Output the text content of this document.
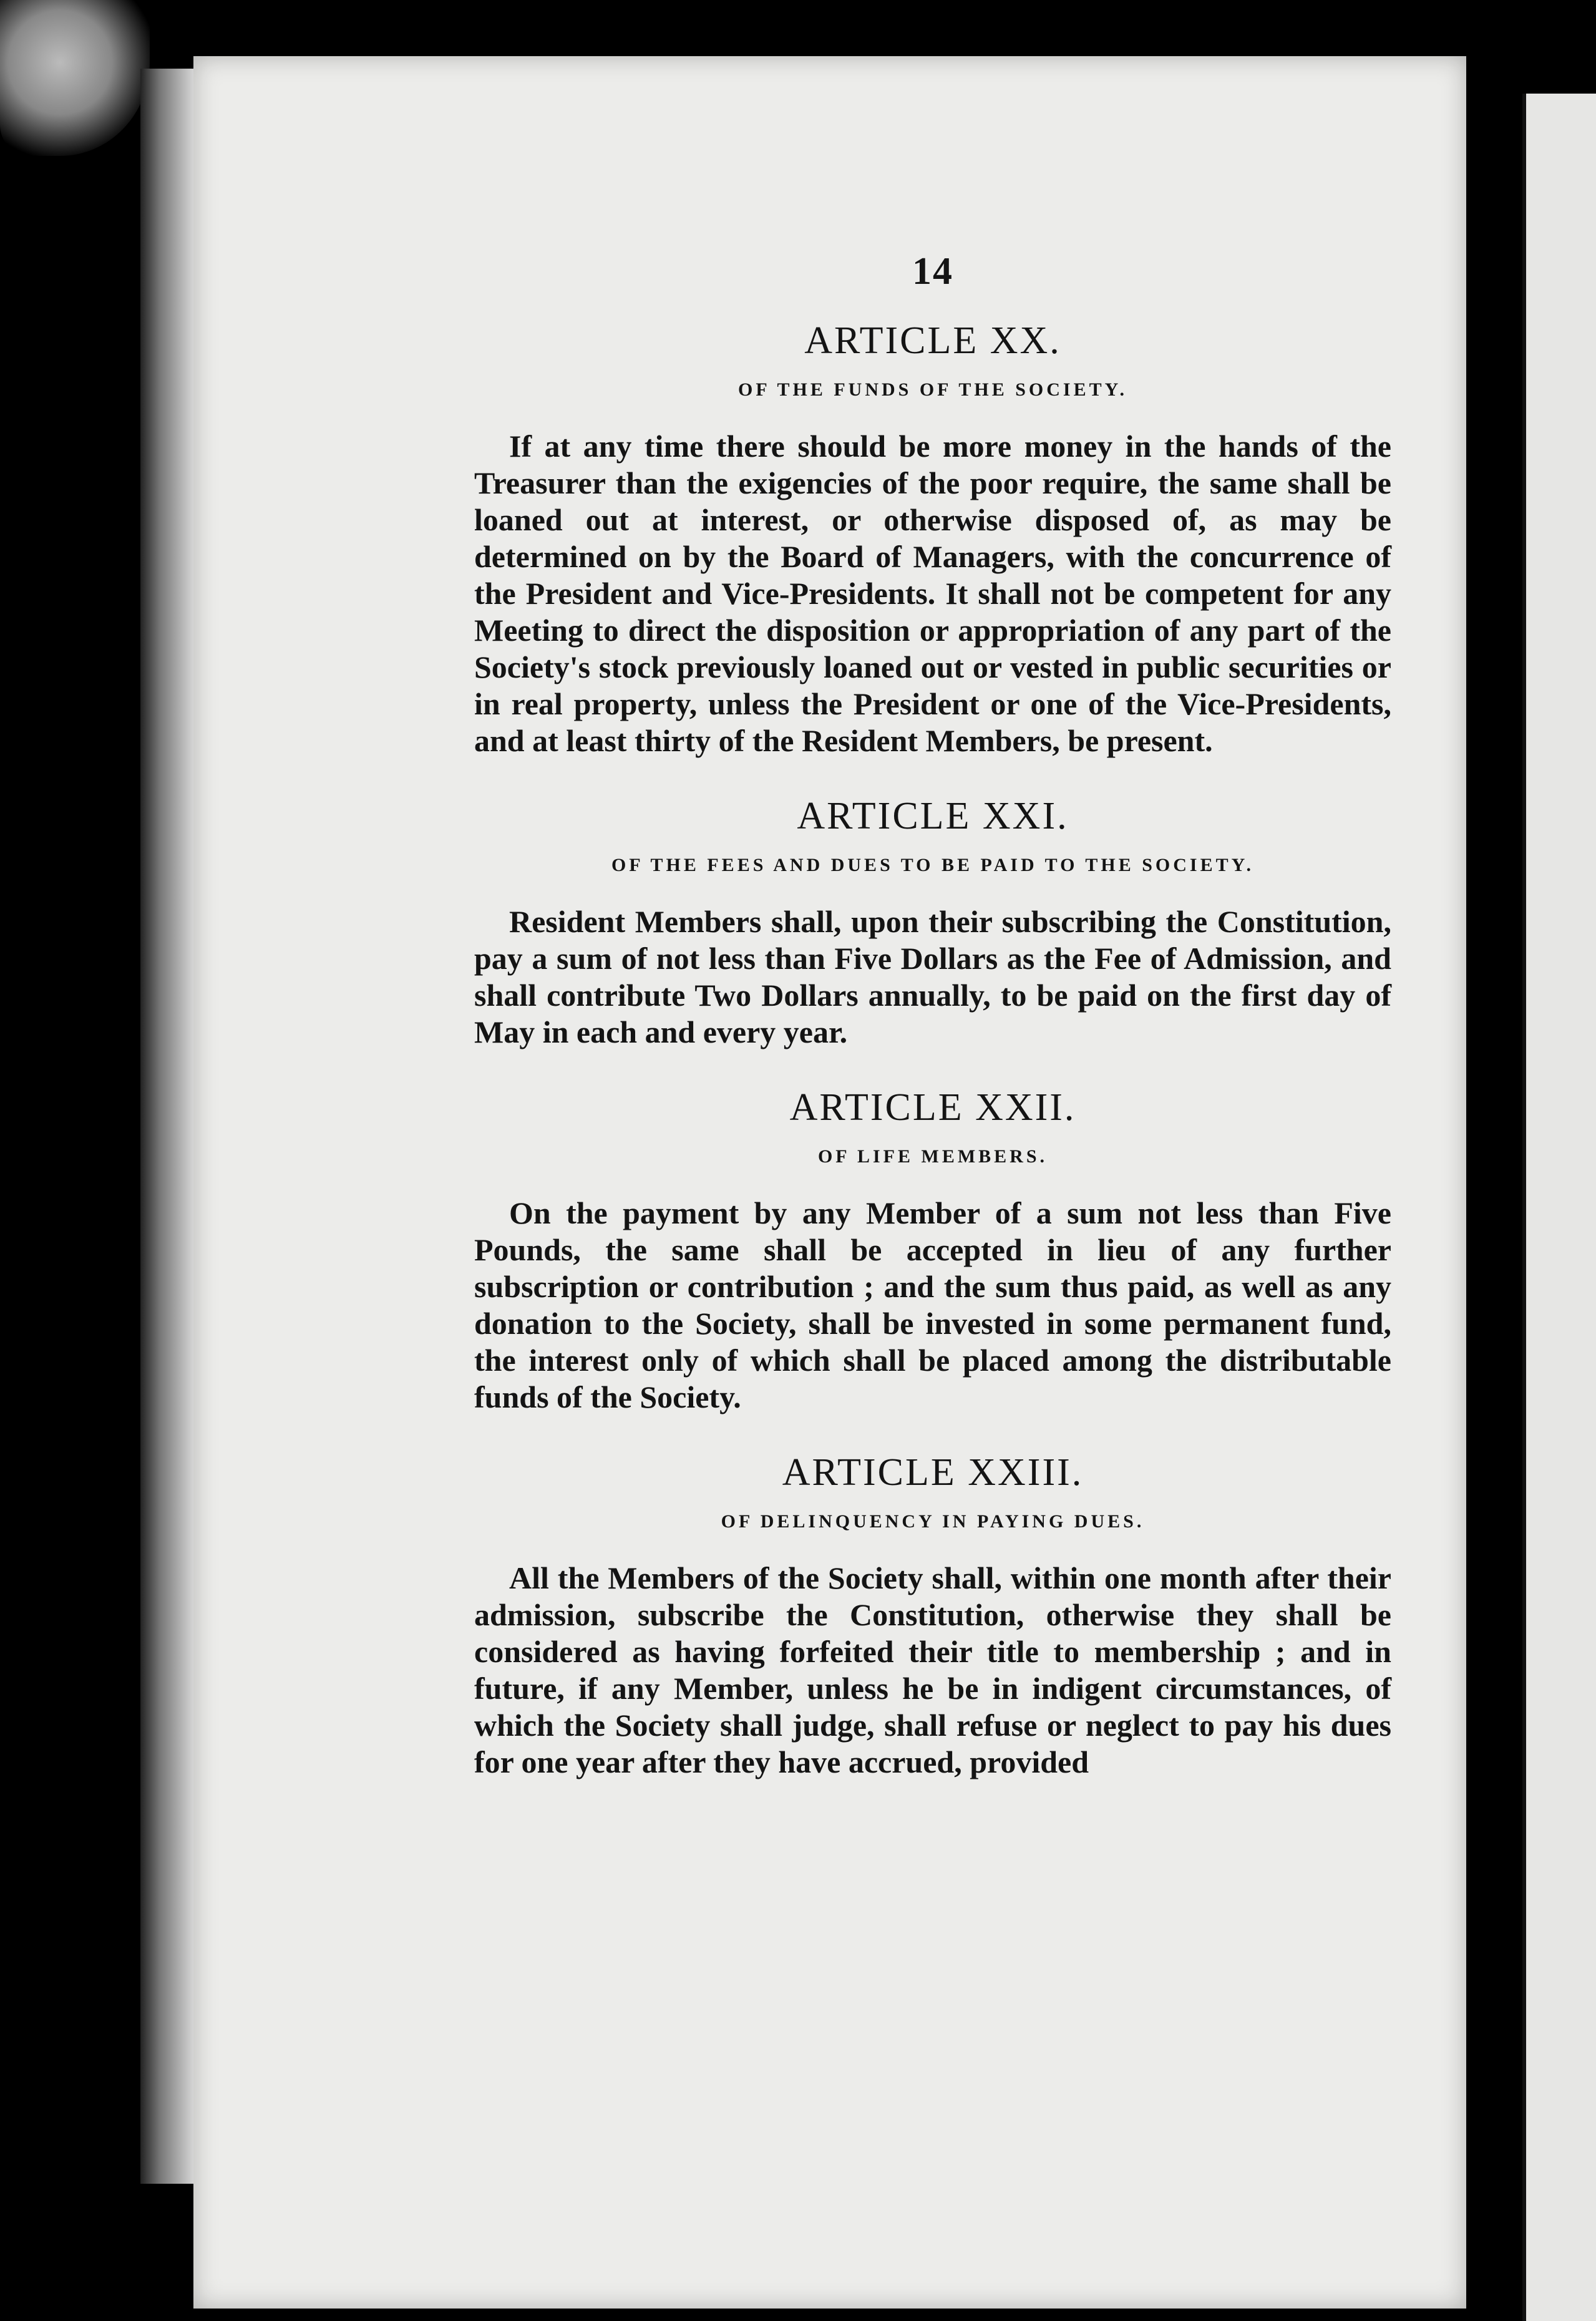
14
ARTICLE XX.
OF THE FUNDS OF THE SOCIETY.

If at any time there should be more money in the hands of the Treasurer than the exigencies of the poor require, the same shall be loaned out at interest, or otherwise disposed of, as may be determined on by the Board of Managers, with the concurrence of the President and Vice-Presidents. It shall not be competent for any Meeting to direct the disposition or appropriation of any part of the Society's stock previously loaned out or vested in public securities or in real property, unless the President or one of the Vice-Presidents, and at least thirty of the Resident Members, be present.

ARTICLE XXI.
OF THE FEES AND DUES TO BE PAID TO THE SOCIETY.

Resident Members shall, upon their subscribing the Constitution, pay a sum of not less than Five Dollars as the Fee of Admission, and shall contribute Two Dollars annually, to be paid on the first day of May in each and every year.

ARTICLE XXII.
OF LIFE MEMBERS.

On the payment by any Member of a sum not less than Five Pounds, the same shall be accepted in lieu of any further subscription or contribution ; and the sum thus paid, as well as any donation to the Society, shall be invested in some permanent fund, the interest only of which shall be placed among the distributable funds of the Society.

ARTICLE XXIII.
OF DELINQUENCY IN PAYING DUES.

All the Members of the Society shall, within one month after their admission, subscribe the Constitution, otherwise they shall be considered as having forfeited their title to membership ; and in future, if any Member, unless he be in indigent circumstances, of which the Society shall judge, shall refuse or neglect to pay his dues for one year after they have accrued, provided
